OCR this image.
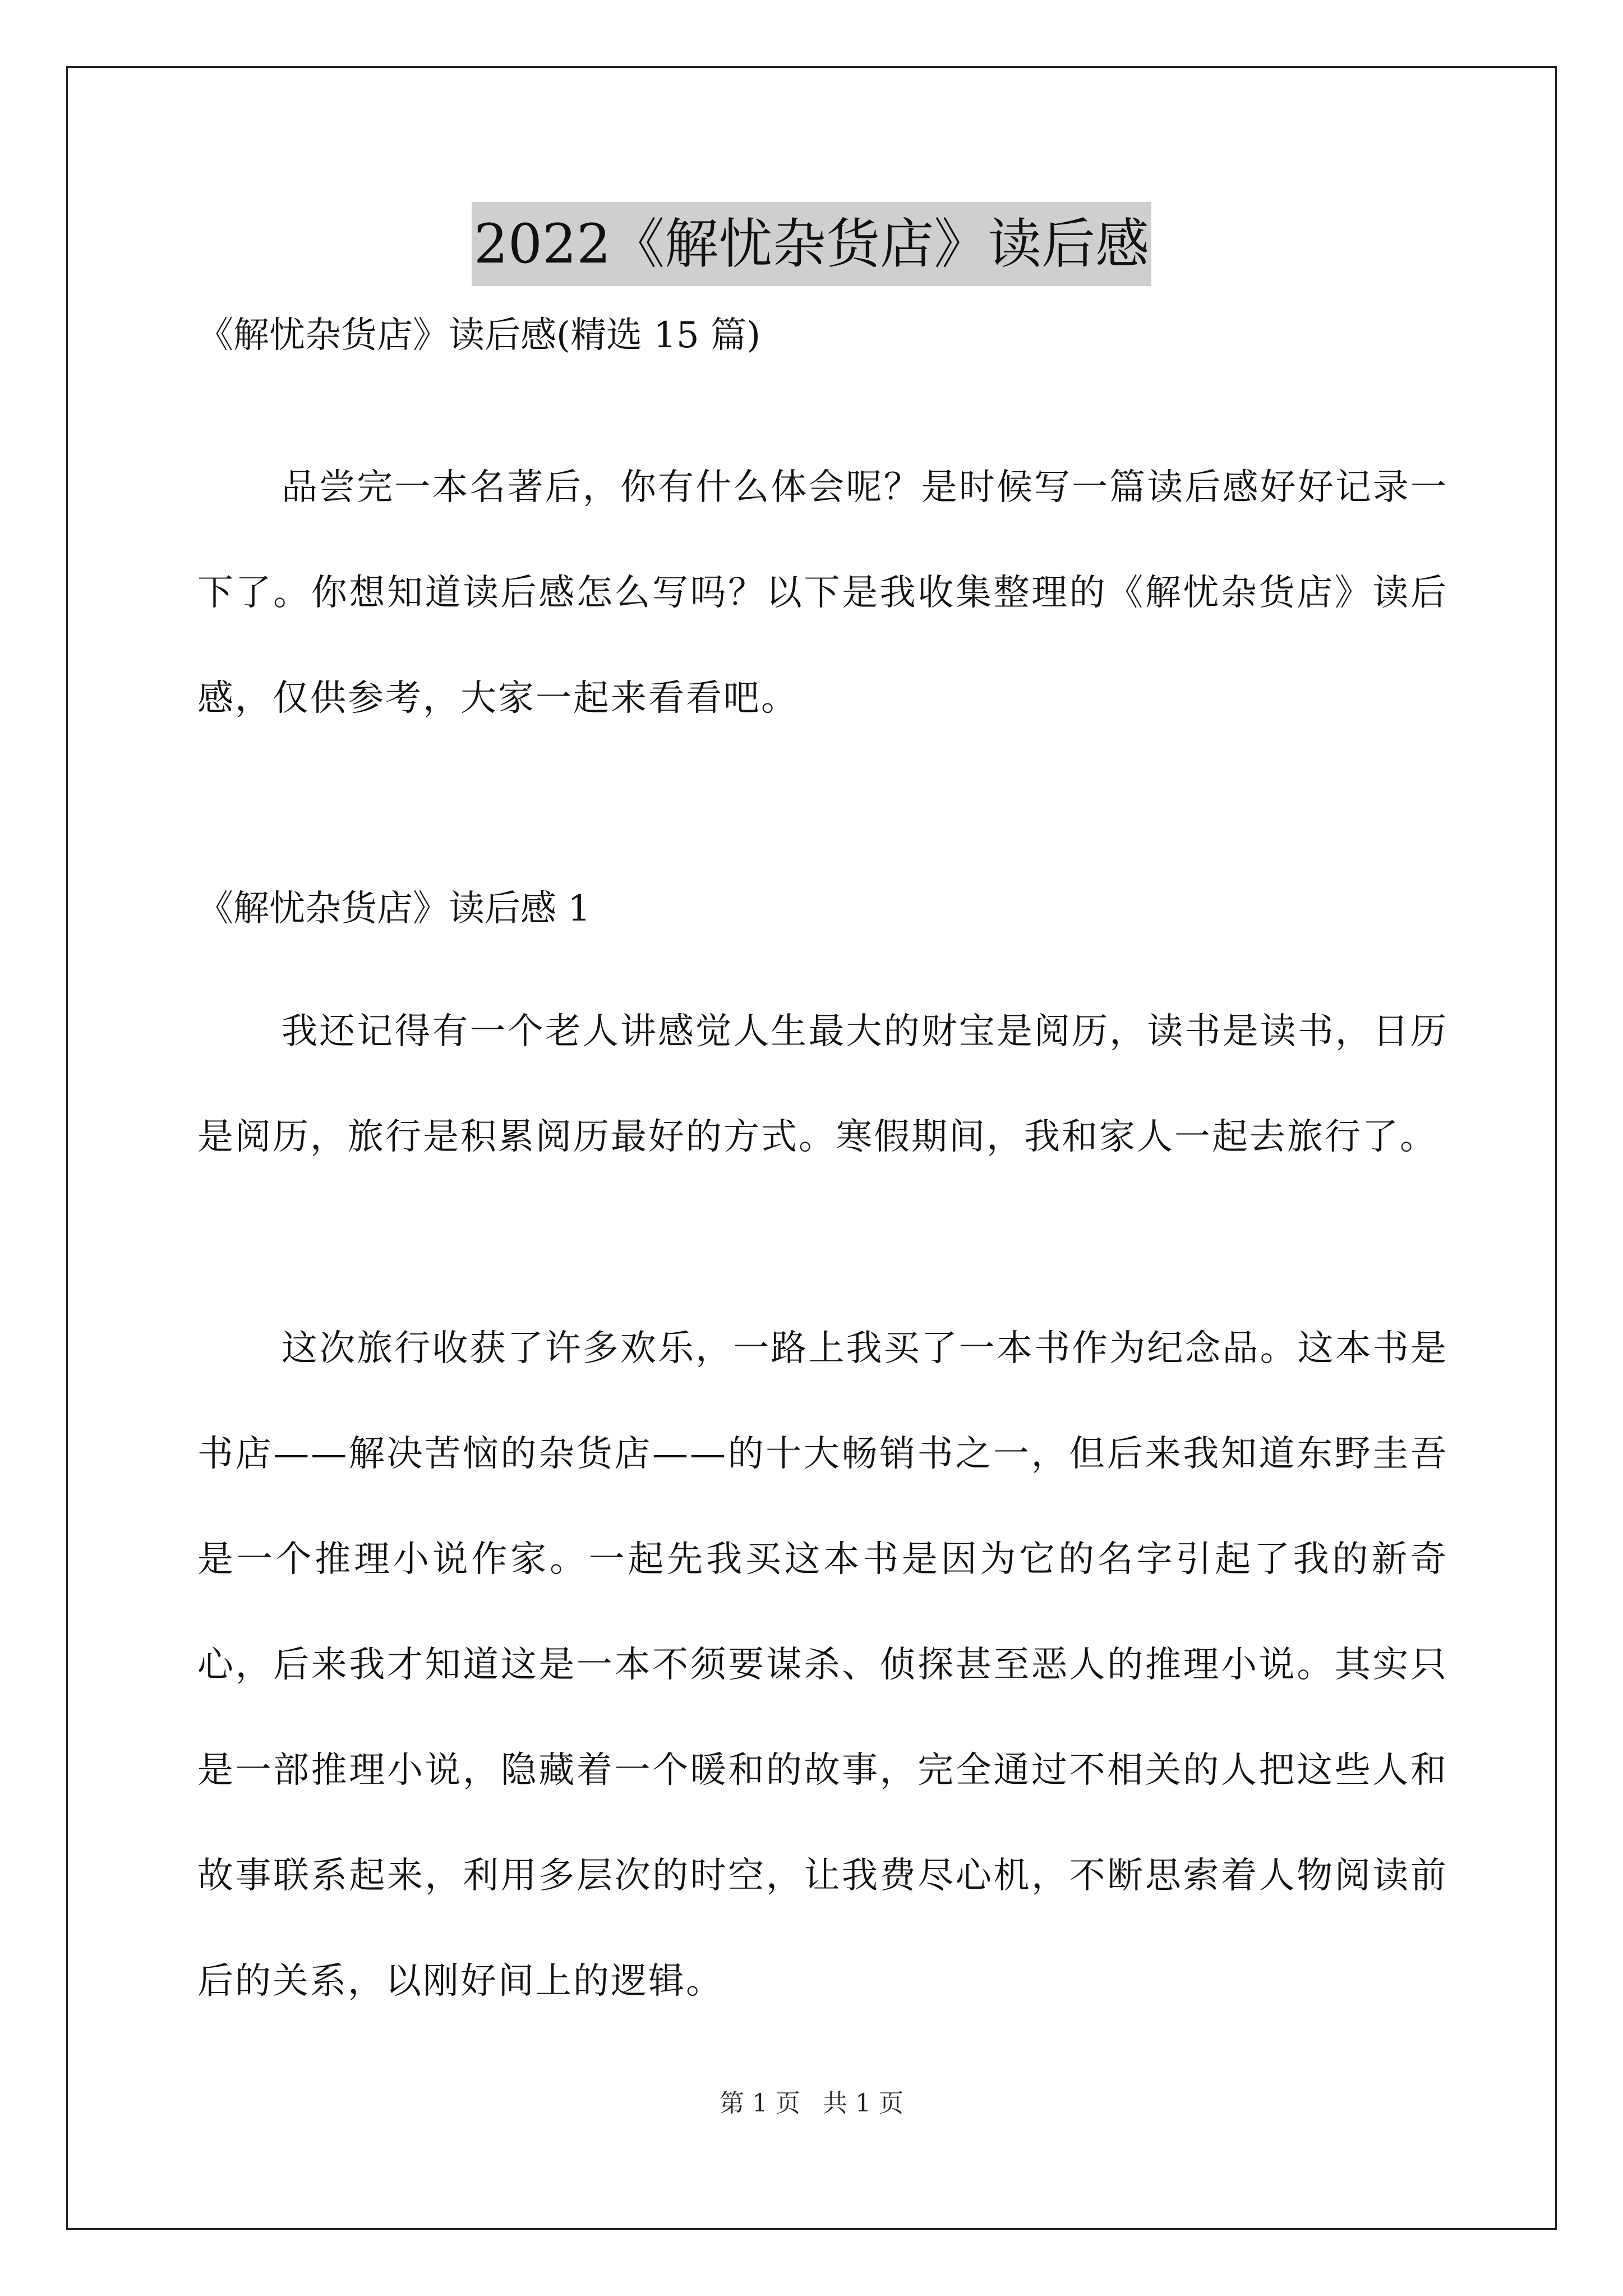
2022《解忧杂货店》读后感
《解忧杂货店》读后感(精选 15 篇)

品尝完一本名著后，你有什么体会呢？是时候写一篇读后感好好记录一下了。你想知道读后感怎么写吗？以下是我收集整理的《解忧杂货店》读后感，仅供参考，大家一起来看看吧。

《解忧杂货店》读后感 1

我还记得有一个老人讲感觉人生最大的财宝是阅历，读书是读书，日历是阅历，旅行是积累阅历最好的方式。寒假期间，我和家人一起去旅行了。

这次旅行收获了许多欢乐，一路上我买了一本书作为纪念品。这本书是书店——解决苦恼的杂货店——的十大畅销书之一，但后来我知道东野圭吾是一个推理小说作家。一起先我买这本书是因为它的名字引起了我的新奇心，后来我才知道这是一本不须要谋杀、侦探甚至恶人的推理小说。其实只是一部推理小说，隐藏着一个暖和的故事，完全通过不相关的人把这些人和故事联系起来，利用多层次的时空，让我费尽心机，不断思索着人物阅读前后的关系，以刚好间上的逻辑。

第 1 页 共 1 页
